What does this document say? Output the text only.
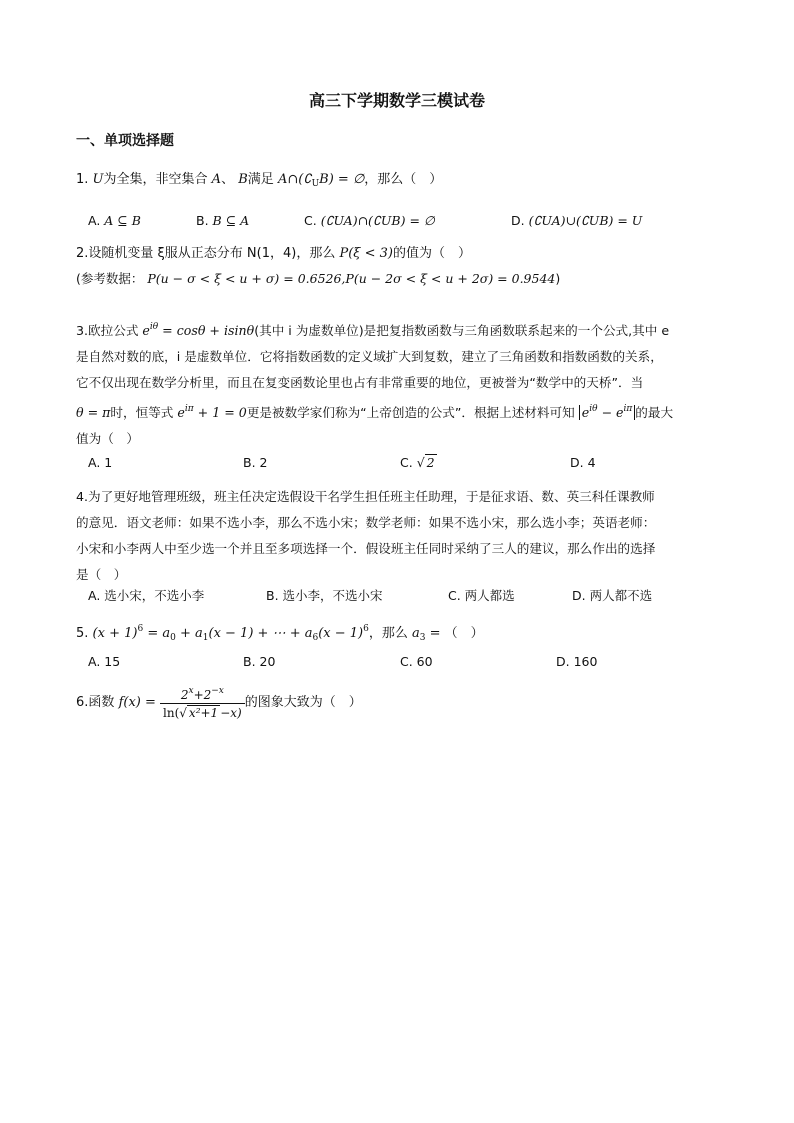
高三下学期数学三模试卷
一、单项选择题
1. U为全集，非空集合 A、 B满足 $A\cap(∁_UB)$ = ∅，那么（　）
A. A ⊆ B	B. B ⊆ A	C. (∁UA)∩(∁UB) = ∅	D. (∁UA)∪(∁UB) = U
2.设随机变量 ξ服从正态分布 N(1，4)，那么 P(ξ < 3)的值为（　）
(参考数据： P(u − σ < ξ < u + σ) = 0.6526,P(u − 2σ < ξ < u + 2σ) = 0.9544)
3.欧拉公式 $e^{i\theta} = \cos\theta + isin\theta$(其中 i 为虚数单位)是把复指数函数与三角函数联系起来的一个公式,其中 e
是自然对数的底，i 是虚数单位．它将指数函数的定义域扩大到复数，建立了三角函数和指数函数的关系，
它不仅出现在数学分析里，而且在复变函数论里也占有非常重要的地位，更被誉为“数学中的天桥”．当
θ = π时，恒等式 $e^{i\pi} + 1 = 0$更是被数学家们称为“上帝创造的公式”．根据上述材料可知 $e^{i\theta} - e^{i\pi}$ 的最大
值为（　）
A. 1	B. 2	C. √ 2	D. 4
4.为了更好地管理班级，班主任决定选假设干名学生担任班主任助理，于是征求语、数、英三科任课教师
的意见．语文老师：如果不选小李，那么不选小宋；数学老师：如果不选小宋，那么选小李；英语老师：
小宋和小李两人中至少选一个并且至多项选择一个．假设班主任同时采纳了三人的建议，那么作出的选择
是（　）
A. 选小宋，不选小李	B. 选小李，不选小宋	C. 两人都选	D. 两人都不选
5. $(x + 1)^6 = a_0 + a_1(x - 1)$ + ⋯ + $a_6(x - 1)^6$，那么 $a_3$ = （　）
A. 15	B. 20	C. 60	D. 160
6.函数 $f(x) = \frac{2^x+2^{-x}}{\text{ln(√ x²+1 −x)}}$ 的图象大致为（　）
